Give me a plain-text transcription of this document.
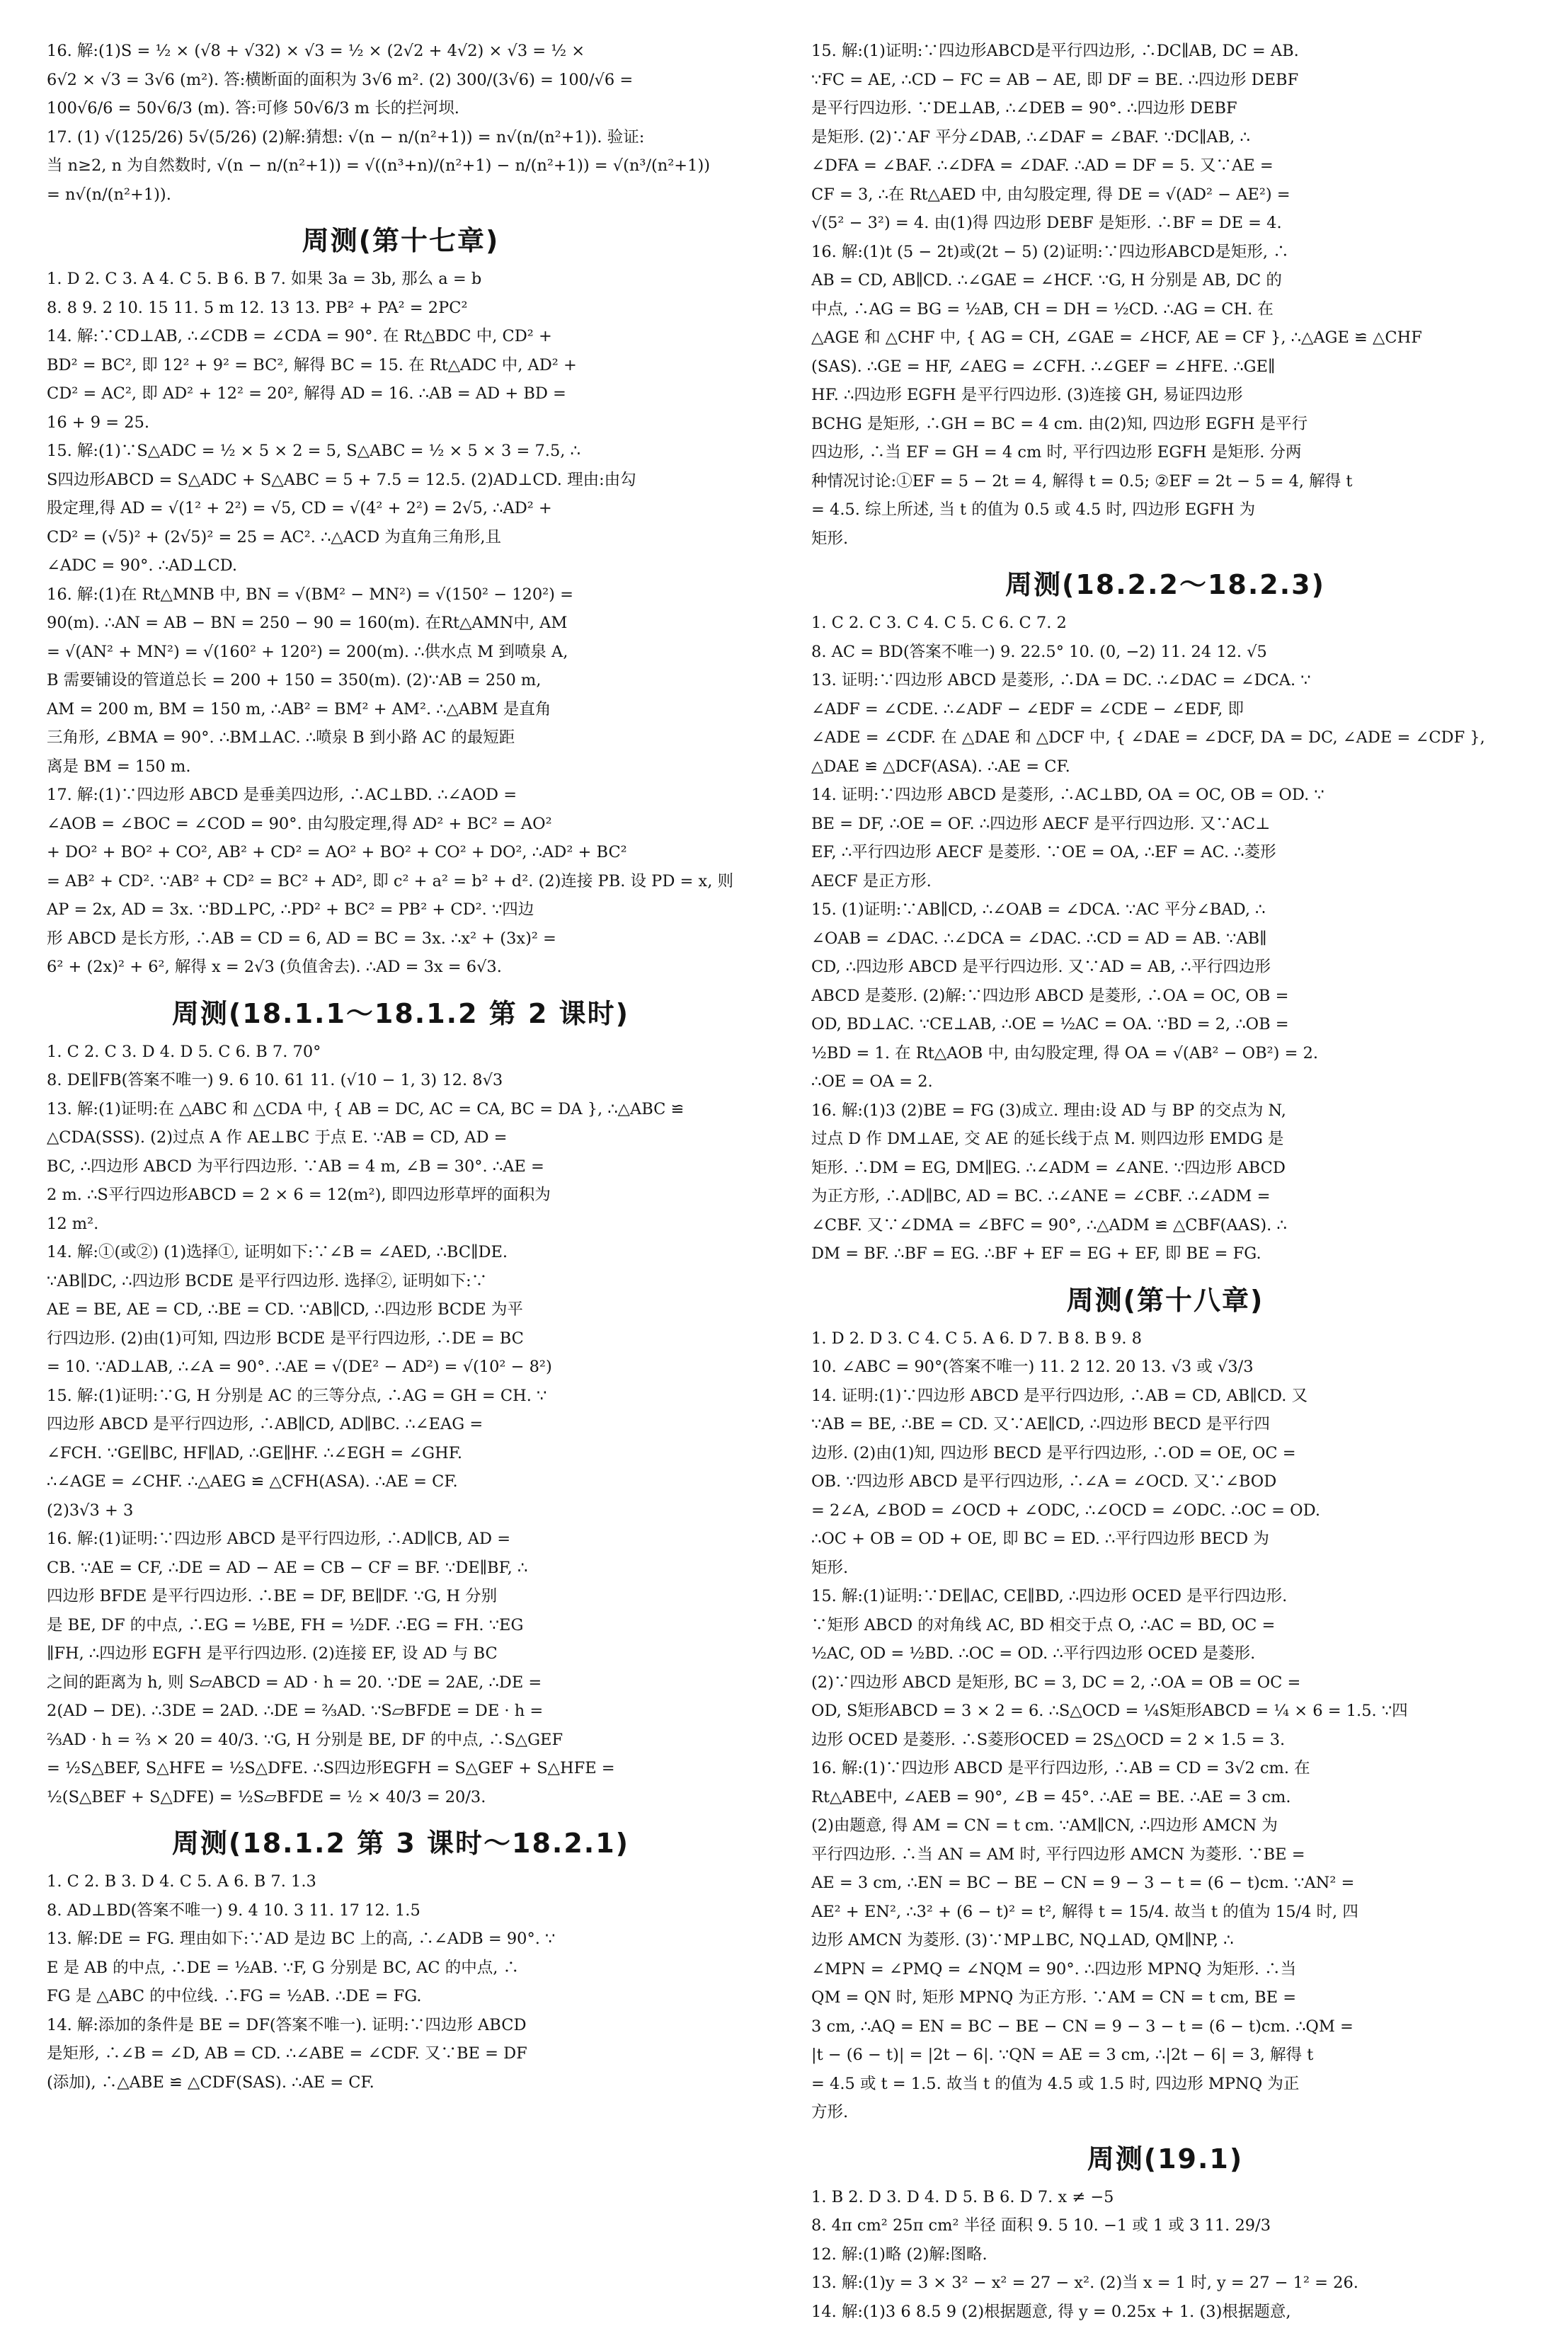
16. 解:(1)S = ½ × (√8 + √32) × √3 = ½ × (2√2 + 4√2) × √3 = ½ ×
6√2 × √3 = 3√6 (m²). 答:横断面的面积为 3√6 m². (2) 300/(3√6) = 100/√6 =
100√6/6 = 50√6/3 (m). 答:可修 50√6/3 m 长的拦河坝.
17. (1) √(125/26) 5√(5/26) (2)解:猜想: √(n − n/(n²+1)) = n√(n/(n²+1)). 验证:
当 n≥2, n 为自然数时, √(n − n/(n²+1)) = √((n³+n)/(n²+1) − n/(n²+1)) = √(n³/(n²+1))
= n√(n/(n²+1)).
周测(第十七章)
1. D 2. C 3. A 4. C 5. B 6. B 7. 如果 3a = 3b, 那么 a = b
8. 8 9. 2 10. 15 11. 5 m 12. 13 13. PB² + PA² = 2PC²
14. 解:∵CD⊥AB, ∴∠CDB = ∠CDA = 90°. 在 Rt△BDC 中, CD² +
BD² = BC², 即 12² + 9² = BC², 解得 BC = 15. 在 Rt△ADC 中, AD² +
CD² = AC², 即 AD² + 12² = 20², 解得 AD = 16. ∴AB = AD + BD =
16 + 9 = 25.
15. 解:(1)∵S△ADC = ½ × 5 × 2 = 5, S△ABC = ½ × 5 × 3 = 7.5, ∴
S四边形ABCD = S△ADC + S△ABC = 5 + 7.5 = 12.5. (2)AD⊥CD. 理由:由勾
股定理,得 AD = √(1² + 2²) = √5, CD = √(4² + 2²) = 2√5, ∴AD² +
CD² = (√5)² + (2√5)² = 25 = AC². ∴△ACD 为直角三角形,且
∠ADC = 90°. ∴AD⊥CD.
16. 解:(1)在 Rt△MNB 中, BN = √(BM² − MN²) = √(150² − 120²) =
90(m). ∴AN = AB − BN = 250 − 90 = 160(m). 在Rt△AMN中, AM
= √(AN² + MN²) = √(160² + 120²) = 200(m). ∴供水点 M 到喷泉 A,
B 需要铺设的管道总长 = 200 + 150 = 350(m). (2)∵AB = 250 m,
AM = 200 m, BM = 150 m, ∴AB² = BM² + AM². ∴△ABM 是直角
三角形, ∠BMA = 90°. ∴BM⊥AC. ∴喷泉 B 到小路 AC 的最短距
离是 BM = 150 m.
17. 解:(1)∵四边形 ABCD 是垂美四边形, ∴AC⊥BD. ∴∠AOD =
∠AOB = ∠BOC = ∠COD = 90°. 由勾股定理,得 AD² + BC² = AO²
+ DO² + BO² + CO², AB² + CD² = AO² + BO² + CO² + DO², ∴AD² + BC²
= AB² + CD². ∵AB² + CD² = BC² + AD², 即 c² + a² = b² + d². (2)连接 PB. 设 PD = x, 则
AP = 2x, AD = 3x. ∵BD⊥PC, ∴PD² + BC² = PB² + CD². ∵四边
形 ABCD 是长方形, ∴AB = CD = 6, AD = BC = 3x. ∴x² + (3x)² =
6² + (2x)² + 6², 解得 x = 2√3 (负值舍去). ∴AD = 3x = 6√3.
周测(18.1.1～18.1.2 第 2 课时)
1. C 2. C 3. D 4. D 5. C 6. B 7. 70°
8. DE∥FB(答案不唯一) 9. 6 10. 61 11. (√10 − 1, 3) 12. 8√3
13. 解:(1)证明:在 △ABC 和 △CDA 中, { AB = DC, AC = CA, BC = DA }, ∴△ABC ≌
△CDA(SSS). (2)过点 A 作 AE⊥BC 于点 E. ∵AB = CD, AD =
BC, ∴四边形 ABCD 为平行四边形. ∵AB = 4 m, ∠B = 30°. ∴AE =
2 m. ∴S平行四边形ABCD = 2 × 6 = 12(m²), 即四边形草坪的面积为
12 m².
14. 解:①(或②) (1)选择①, 证明如下:∵∠B = ∠AED, ∴BC∥DE.
∵AB∥DC, ∴四边形 BCDE 是平行四边形. 选择②, 证明如下:∵
AE = BE, AE = CD, ∴BE = CD. ∵AB∥CD, ∴四边形 BCDE 为平
行四边形. (2)由(1)可知, 四边形 BCDE 是平行四边形, ∴DE = BC
= 10. ∵AD⊥AB, ∴∠A = 90°. ∴AE = √(DE² − AD²) = √(10² − 8²)
15. 解:(1)证明:∵G, H 分别是 AC 的三等分点, ∴AG = GH = CH. ∵
四边形 ABCD 是平行四边形, ∴AB∥CD, AD∥BC. ∴∠EAG =
∠FCH. ∵GE∥BC, HF∥AD, ∴GE∥HF. ∴∠EGH = ∠GHF.
∴∠AGE = ∠CHF. ∴△AEG ≌ △CFH(ASA). ∴AE = CF.
(2)3√3 + 3
16. 解:(1)证明:∵四边形 ABCD 是平行四边形, ∴AD∥CB, AD =
CB. ∵AE = CF, ∴DE = AD − AE = CB − CF = BF. ∵DE∥BF, ∴
四边形 BFDE 是平行四边形. ∴BE = DF, BE∥DF. ∵G, H 分别
是 BE, DF 的中点, ∴EG = ½BE, FH = ½DF. ∴EG = FH. ∵EG
∥FH, ∴四边形 EGFH 是平行四边形. (2)连接 EF, 设 AD 与 BC
之间的距离为 h, 则 S▱ABCD = AD · h = 20. ∵DE = 2AE, ∴DE =
2(AD − DE). ∴3DE = 2AD. ∴DE = ⅔AD. ∵S▱BFDE = DE · h =
⅔AD · h = ⅔ × 20 = 40/3. ∵G, H 分别是 BE, DF 的中点, ∴S△GEF
= ½S△BEF, S△HFE = ½S△DFE. ∴S四边形EGFH = S△GEF + S△HFE =
½(S△BEF + S△DFE) = ½S▱BFDE = ½ × 40/3 = 20/3.
周测(18.1.2 第 3 课时～18.2.1)
1. C 2. B 3. D 4. C 5. A 6. B 7. 1.3
8. AD⊥BD(答案不唯一) 9. 4 10. 3 11. 17 12. 1.5
13. 解:DE = FG. 理由如下:∵AD 是边 BC 上的高, ∴∠ADB = 90°. ∵
E 是 AB 的中点, ∴DE = ½AB. ∵F, G 分别是 BC, AC 的中点, ∴
FG 是 △ABC 的中位线. ∴FG = ½AB. ∴DE = FG.
14. 解:添加的条件是 BE = DF(答案不唯一). 证明:∵四边形 ABCD
是矩形, ∴∠B = ∠D, AB = CD. ∴∠ABE = ∠CDF. 又∵BE = DF
(添加), ∴△ABE ≌ △CDF(SAS). ∴AE = CF.
15. 解:(1)证明:∵四边形ABCD是平行四边形, ∴DC∥AB, DC = AB.
∵FC = AE, ∴CD − FC = AB − AE, 即 DF = BE. ∴四边形 DEBF
是平行四边形. ∵DE⊥AB, ∴∠DEB = 90°. ∴四边形 DEBF
是矩形. (2)∵AF 平分∠DAB, ∴∠DAF = ∠BAF. ∵DC∥AB, ∴
∠DFA = ∠BAF. ∴∠DFA = ∠DAF. ∴AD = DF = 5. 又∵AE =
CF = 3, ∴在 Rt△AED 中, 由勾股定理, 得 DE = √(AD² − AE²) =
√(5² − 3²) = 4. 由(1)得 四边形 DEBF 是矩形. ∴BF = DE = 4.
16. 解:(1)t (5 − 2t)或(2t − 5) (2)证明:∵四边形ABCD是矩形, ∴
AB = CD, AB∥CD. ∴∠GAE = ∠HCF. ∵G, H 分别是 AB, DC 的
中点, ∴AG = BG = ½AB, CH = DH = ½CD. ∴AG = CH. 在
△AGE 和 △CHF 中, { AG = CH, ∠GAE = ∠HCF, AE = CF }, ∴△AGE ≌ △CHF
(SAS). ∴GE = HF, ∠AEG = ∠CFH. ∴∠GEF = ∠HFE. ∴GE∥
HF. ∴四边形 EGFH 是平行四边形. (3)连接 GH, 易证四边形
BCHG 是矩形, ∴GH = BC = 4 cm. 由(2)知, 四边形 EGFH 是平行
四边形, ∴当 EF = GH = 4 cm 时, 平行四边形 EGFH 是矩形. 分两
种情况讨论:①EF = 5 − 2t = 4, 解得 t = 0.5; ②EF = 2t − 5 = 4, 解得 t
= 4.5. 综上所述, 当 t 的值为 0.5 或 4.5 时, 四边形 EGFH 为
矩形.
周测(18.2.2～18.2.3)
1. C 2. C 3. C 4. C 5. C 6. C 7. 2
8. AC = BD(答案不唯一) 9. 22.5° 10. (0, −2) 11. 24 12. √5
13. 证明:∵四边形 ABCD 是菱形, ∴DA = DC. ∴∠DAC = ∠DCA. ∵
∠ADF = ∠CDE. ∴∠ADF − ∠EDF = ∠CDE − ∠EDF, 即
∠ADE = ∠CDF. 在 △DAE 和 △DCF 中, { ∠DAE = ∠DCF, DA = DC, ∠ADE = ∠CDF },
△DAE ≌ △DCF(ASA). ∴AE = CF.
14. 证明:∵四边形 ABCD 是菱形, ∴AC⊥BD, OA = OC, OB = OD. ∵
BE = DF, ∴OE = OF. ∴四边形 AECF 是平行四边形. 又∵AC⊥
EF, ∴平行四边形 AECF 是菱形. ∵OE = OA, ∴EF = AC. ∴菱形
AECF 是正方形.
15. (1)证明:∵AB∥CD, ∴∠OAB = ∠DCA. ∵AC 平分∠BAD, ∴
∠OAB = ∠DAC. ∴∠DCA = ∠DAC. ∴CD = AD = AB. ∵AB∥
CD, ∴四边形 ABCD 是平行四边形. 又∵AD = AB, ∴平行四边形
ABCD 是菱形. (2)解:∵四边形 ABCD 是菱形, ∴OA = OC, OB =
OD, BD⊥AC. ∵CE⊥AB, ∴OE = ½AC = OA. ∵BD = 2, ∴OB =
½BD = 1. 在 Rt△AOB 中, 由勾股定理, 得 OA = √(AB² − OB²) = 2.
∴OE = OA = 2.
16. 解:(1)3 (2)BE = FG (3)成立. 理由:设 AD 与 BP 的交点为 N,
过点 D 作 DM⊥AE, 交 AE 的延长线于点 M. 则四边形 EMDG 是
矩形. ∴DM = EG, DM∥EG. ∴∠ADM = ∠ANE. ∵四边形 ABCD
为正方形, ∴AD∥BC, AD = BC. ∴∠ANE = ∠CBF. ∴∠ADM =
∠CBF. 又∵∠DMA = ∠BFC = 90°, ∴△ADM ≌ △CBF(AAS). ∴
DM = BF. ∴BF = EG. ∴BF + EF = EG + EF, 即 BE = FG.
周测(第十八章)
1. D 2. D 3. C 4. C 5. A 6. D 7. B 8. B 9. 8
10. ∠ABC = 90°(答案不唯一) 11. 2 12. 20 13. √3 或 √3/3
14. 证明:(1)∵四边形 ABCD 是平行四边形, ∴AB = CD, AB∥CD. 又
∵AB = BE, ∴BE = CD. 又∵AE∥CD, ∴四边形 BECD 是平行四
边形. (2)由(1)知, 四边形 BECD 是平行四边形, ∴OD = OE, OC =
OB. ∵四边形 ABCD 是平行四边形, ∴∠A = ∠OCD. 又∵∠BOD
= 2∠A, ∠BOD = ∠OCD + ∠ODC, ∴∠OCD = ∠ODC. ∴OC = OD.
∴OC + OB = OD + OE, 即 BC = ED. ∴平行四边形 BECD 为
矩形.
15. 解:(1)证明:∵DE∥AC, CE∥BD, ∴四边形 OCED 是平行四边形.
∵矩形 ABCD 的对角线 AC, BD 相交于点 O, ∴AC = BD, OC =
½AC, OD = ½BD. ∴OC = OD. ∴平行四边形 OCED 是菱形.
(2)∵四边形 ABCD 是矩形, BC = 3, DC = 2, ∴OA = OB = OC =
OD, S矩形ABCD = 3 × 2 = 6. ∴S△OCD = ¼S矩形ABCD = ¼ × 6 = 1.5. ∵四
边形 OCED 是菱形. ∴S菱形OCED = 2S△OCD = 2 × 1.5 = 3.
16. 解:(1)∵四边形 ABCD 是平行四边形, ∴AB = CD = 3√2 cm. 在
Rt△ABE中, ∠AEB = 90°, ∠B = 45°. ∴AE = BE. ∴AE = 3 cm.
(2)由题意, 得 AM = CN = t cm. ∵AM∥CN, ∴四边形 AMCN 为
平行四边形. ∴当 AN = AM 时, 平行四边形 AMCN 为菱形. ∵BE =
AE = 3 cm, ∴EN = BC − BE − CN = 9 − 3 − t = (6 − t)cm. ∵AN² =
AE² + EN², ∴3² + (6 − t)² = t², 解得 t = 15/4. 故当 t 的值为 15/4 时, 四
边形 AMCN 为菱形. (3)∵MP⊥BC, NQ⊥AD, QM∥NP, ∴
∠MPN = ∠PMQ = ∠NQM = 90°. ∴四边形 MPNQ 为矩形. ∴当
QM = QN 时, 矩形 MPNQ 为正方形. ∵AM = CN = t cm, BE =
3 cm, ∴AQ = EN = BC − BE − CN = 9 − 3 − t = (6 − t)cm. ∴QM =
|t − (6 − t)| = |2t − 6|. ∵QN = AE = 3 cm, ∴|2t − 6| = 3, 解得 t
= 4.5 或 t = 1.5. 故当 t 的值为 4.5 或 1.5 时, 四边形 MPNQ 为正
方形.
周测(19.1)
1. B 2. D 3. D 4. D 5. B 6. D 7. x ≠ −5
8. 4π cm² 25π cm² 半径 面积 9. 5 10. −1 或 1 或 3 11. 29/3
12. 解:(1)略 (2)解:图略.
13. 解:(1)y = 3 × 3² − x² = 27 − x². (2)当 x = 1 时, y = 27 − 1² = 26.
14. 解:(1)3 6 8.5 9 (2)根据题意, 得 y = 0.25x + 1. (3)根据题意,
